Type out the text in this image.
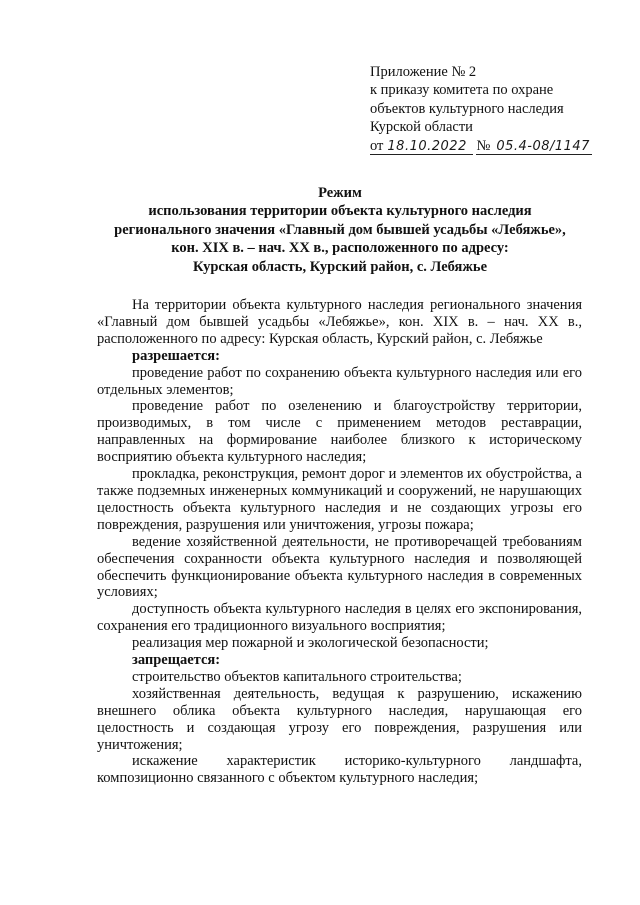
Приложение № 2
к приказу комитета по охране
объектов культурного наследия
Курской области
от 18.10.2022 № 05.4-08/1147
Режим
использования территории объекта культурного наследия
регионального значения «Главный дом бывшей усадьбы «Лебяжье»,
кон. XIX в. – нач. XX в., расположенного по адресу:
Курская область, Курский район, с. Лебяжье

На территории объекта культурного наследия регионального значения «Главный дом бывшей усадьбы «Лебяжье», кон. XIX в. – нач. XX в., расположенного по адресу: Курская область, Курский район, с. Лебяжье

разрешается:

проведение работ по сохранению объекта культурного наследия или его отдельных элементов;

проведение работ по озеленению и благоустройству территории, производимых, в том числе с применением методов реставрации, направленных на формирование наиболее близкого к историческому восприятию объекта культурного наследия;

прокладка, реконструкция, ремонт дорог и элементов их обустройства, а также подземных инженерных коммуникаций и сооружений, не нарушающих целостность объекта культурного наследия и не создающих угрозы его повреждения, разрушения или уничтожения, угрозы пожара;

ведение хозяйственной деятельности, не противоречащей требованиям обеспечения сохранности объекта культурного наследия и позволяющей обеспечить функционирование объекта культурного наследия в современных условиях;

доступность объекта культурного наследия в целях его экспонирования, сохранения его традиционного визуального восприятия;

реализация мер пожарной и экологической безопасности;

запрещается:

строительство объектов капитального строительства;

хозяйственная деятельность, ведущая к разрушению, искажению внешнего облика объекта культурного наследия, нарушающая его целостность и создающая угрозу его повреждения, разрушения или уничтожения;

искажение характеристик историко-культурного ландшафта, композиционно связанного с объектом культурного наследия;
